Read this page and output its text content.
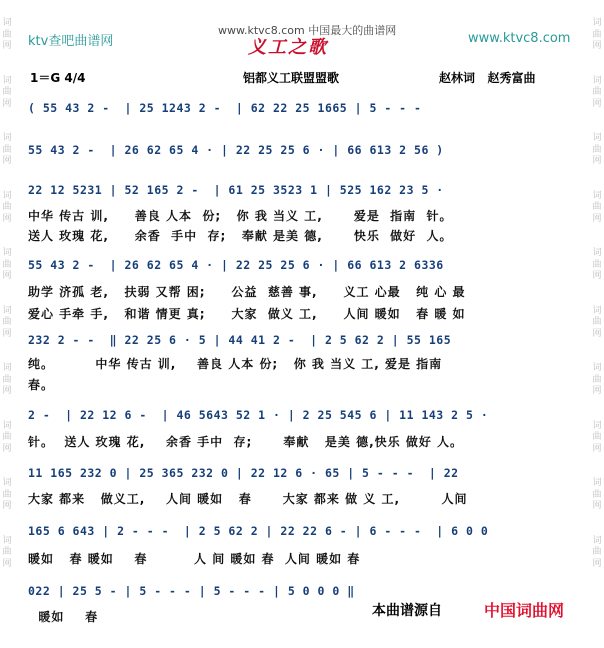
词
曲
网

词
曲
网

词
曲
网

词
曲
网

词
曲
网

词
曲
网

词
曲
网

词
曲
网

词
曲
网

词
曲
网
词
曲
网

词
曲
网

词
曲
网

词
曲
网

词
曲
网

词
曲
网

词
曲
网

词
曲
网

词
曲
网

词
曲
网
ktv查吧曲谱网
www.ktvc8.com 中国最大的曲谱网
www.ktvc8.com
义工之歌
1＝G 4/4	铝都义工联盟盟歌	赵林词   赵秀富曲
( 55 43 2 -  | 25 1243 2 -  | 62 22 25 1665 | 5 - - -
55 43 2 -  | 26 62 65 4 · | 22 25 25 6 · | 66 613 2 56 )
22 12 5231 | 52 165 2 -  | 61 25 3523 1 | 525 162 23 5 ·
中华 传古 训,     善良 人本  份;   你 我 当义 工,      爱是  指南  针。
送人 玫瑰 花,     余香  手中  存;   奉献 是美 德,      快乐  做好  人。
55 43 2 -  | 26 62 65 4 · | 22 25 25 6 · | 66 613 2 6336
助学 济孤 老,   扶弱 又帮 困;     公益  慈善 事,     义工 心最   纯 心 最
爱心 手牵 手,   和谐 情更 真;     大家  做义 工,     人间 暖如   春 暖 如
232 2 - -  ‖ 22 25 6 · 5 | 44 41 2 -  | 2 5 62 2 | 55 165
纯。        中华 传古 训,    善良 人本 份;   你 我 当义 工, 爱是 指南
春。
2 -  | 22 12 6 -  | 46 5643 52 1 · | 2 25 545 6 | 11 143 2 5 ·
针。  送人 玫瑰 花,    余香 手中  存;      奉献   是美 德,快乐 做好 人。
11 165 232 0 | 25 365 232 0 | 22 12 6 · 65 | 5 - - -  | 22
大家 都来   做义工,    人间 暖如   春      大家 都来 做 义 工,        人间
165 6 643 | 2 - - -  | 2 5 62 2 | 22 22 6 - | 6 - - -  | 6 0 0
暖如   春 暖如    春         人 间 暖如 春  人间 暖如 春
022 | 25 5 - | 5 - - - | 5 - - - | 5 0 0 0 ‖
暖如    春	本曲谱源自	中国词曲网
